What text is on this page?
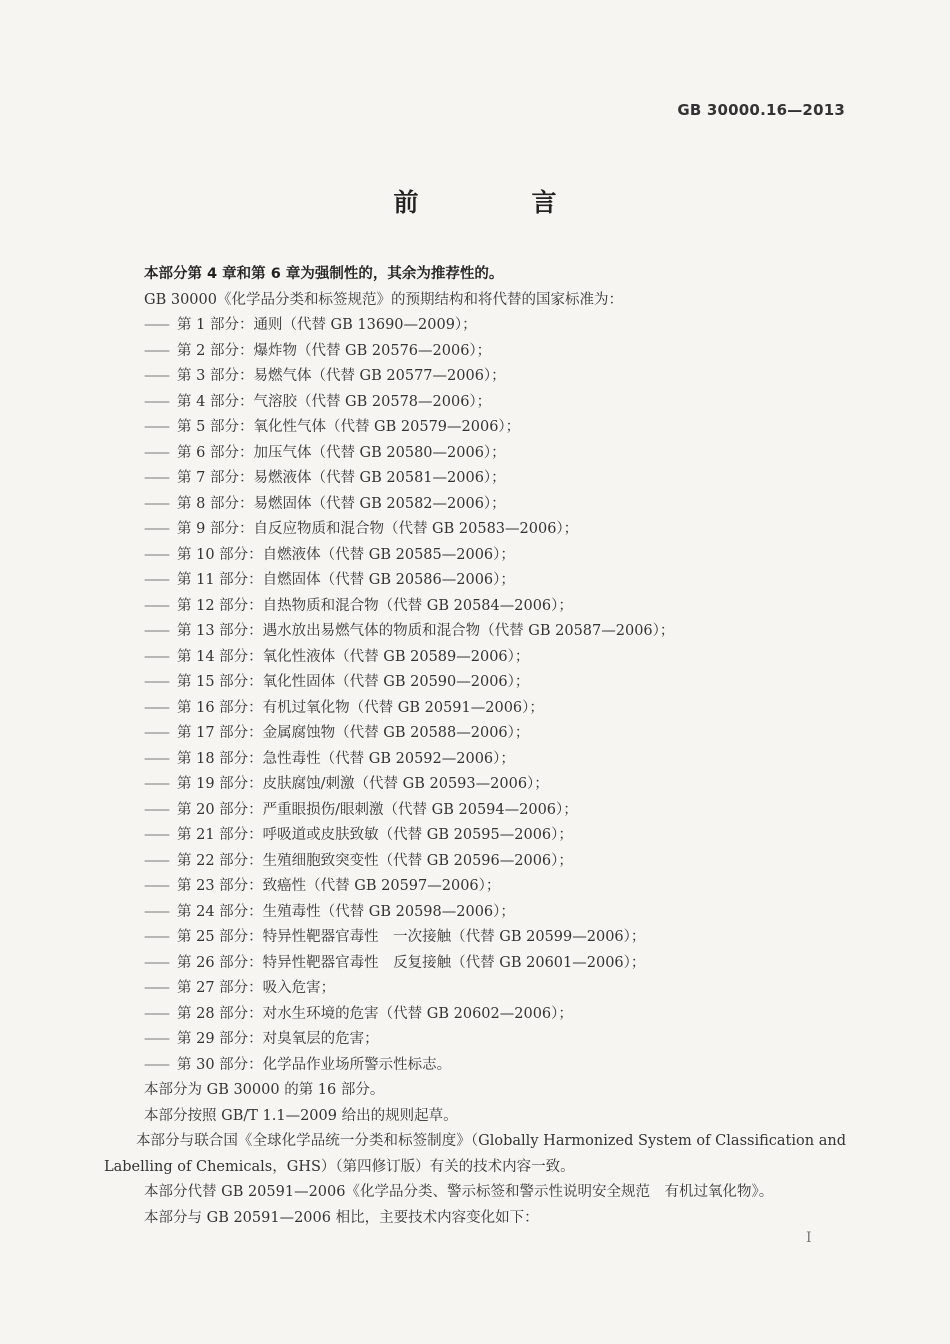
GB 30000.16—2013
前　言
本部分第 4 章和第 6 章为强制性的，其余为推荐性的。
GB 30000《化学品分类和标签规范》的预期结构和将代替的国家标准为：
—— 第 1 部分：通则（代替 GB 13690—2009）；
—— 第 2 部分：爆炸物（代替 GB 20576—2006）；
—— 第 3 部分：易燃气体（代替 GB 20577—2006）；
—— 第 4 部分：气溶胶（代替 GB 20578—2006）；
—— 第 5 部分：氧化性气体（代替 GB 20579—2006）；
—— 第 6 部分：加压气体（代替 GB 20580—2006）；
—— 第 7 部分：易燃液体（代替 GB 20581—2006）；
—— 第 8 部分：易燃固体（代替 GB 20582—2006）；
—— 第 9 部分：自反应物质和混合物（代替 GB 20583—2006）；
—— 第 10 部分：自燃液体（代替 GB 20585—2006）；
—— 第 11 部分：自燃固体（代替 GB 20586—2006）；
—— 第 12 部分：自热物质和混合物（代替 GB 20584—2006）；
—— 第 13 部分：遇水放出易燃气体的物质和混合物（代替 GB 20587—2006）；
—— 第 14 部分：氧化性液体（代替 GB 20589—2006）；
—— 第 15 部分：氧化性固体（代替 GB 20590—2006）；
—— 第 16 部分：有机过氧化物（代替 GB 20591—2006）；
—— 第 17 部分：金属腐蚀物（代替 GB 20588—2006）；
—— 第 18 部分：急性毒性（代替 GB 20592—2006）；
—— 第 19 部分：皮肤腐蚀/刺激（代替 GB 20593—2006）；
—— 第 20 部分：严重眼损伤/眼刺激（代替 GB 20594—2006）；
—— 第 21 部分：呼吸道或皮肤致敏（代替 GB 20595—2006）；
—— 第 22 部分：生殖细胞致突变性（代替 GB 20596—2006）；
—— 第 23 部分：致癌性（代替 GB 20597—2006）；
—— 第 24 部分：生殖毒性（代替 GB 20598—2006）；
—— 第 25 部分：特异性靶器官毒性　一次接触（代替 GB 20599—2006）；
—— 第 26 部分：特异性靶器官毒性　反复接触（代替 GB 20601—2006）；
—— 第 27 部分：吸入危害；
—— 第 28 部分：对水生环境的危害（代替 GB 20602—2006）；
—— 第 29 部分：对臭氧层的危害；
—— 第 30 部分：化学品作业场所警示性标志。
本部分为 GB 30000 的第 16 部分。
本部分按照 GB/T 1.1—2009 给出的规则起草。
本部分与联合国《全球化学品统一分类和标签制度》（Globally Harmonized System of Classification and Labelling of Chemicals，GHS）（第四修订版）有关的技术内容一致。
本部分代替 GB 20591—2006《化学品分类、警示标签和警示性说明安全规范　有机过氧化物》。
本部分与 GB 20591—2006 相比，主要技术内容变化如下：
I
